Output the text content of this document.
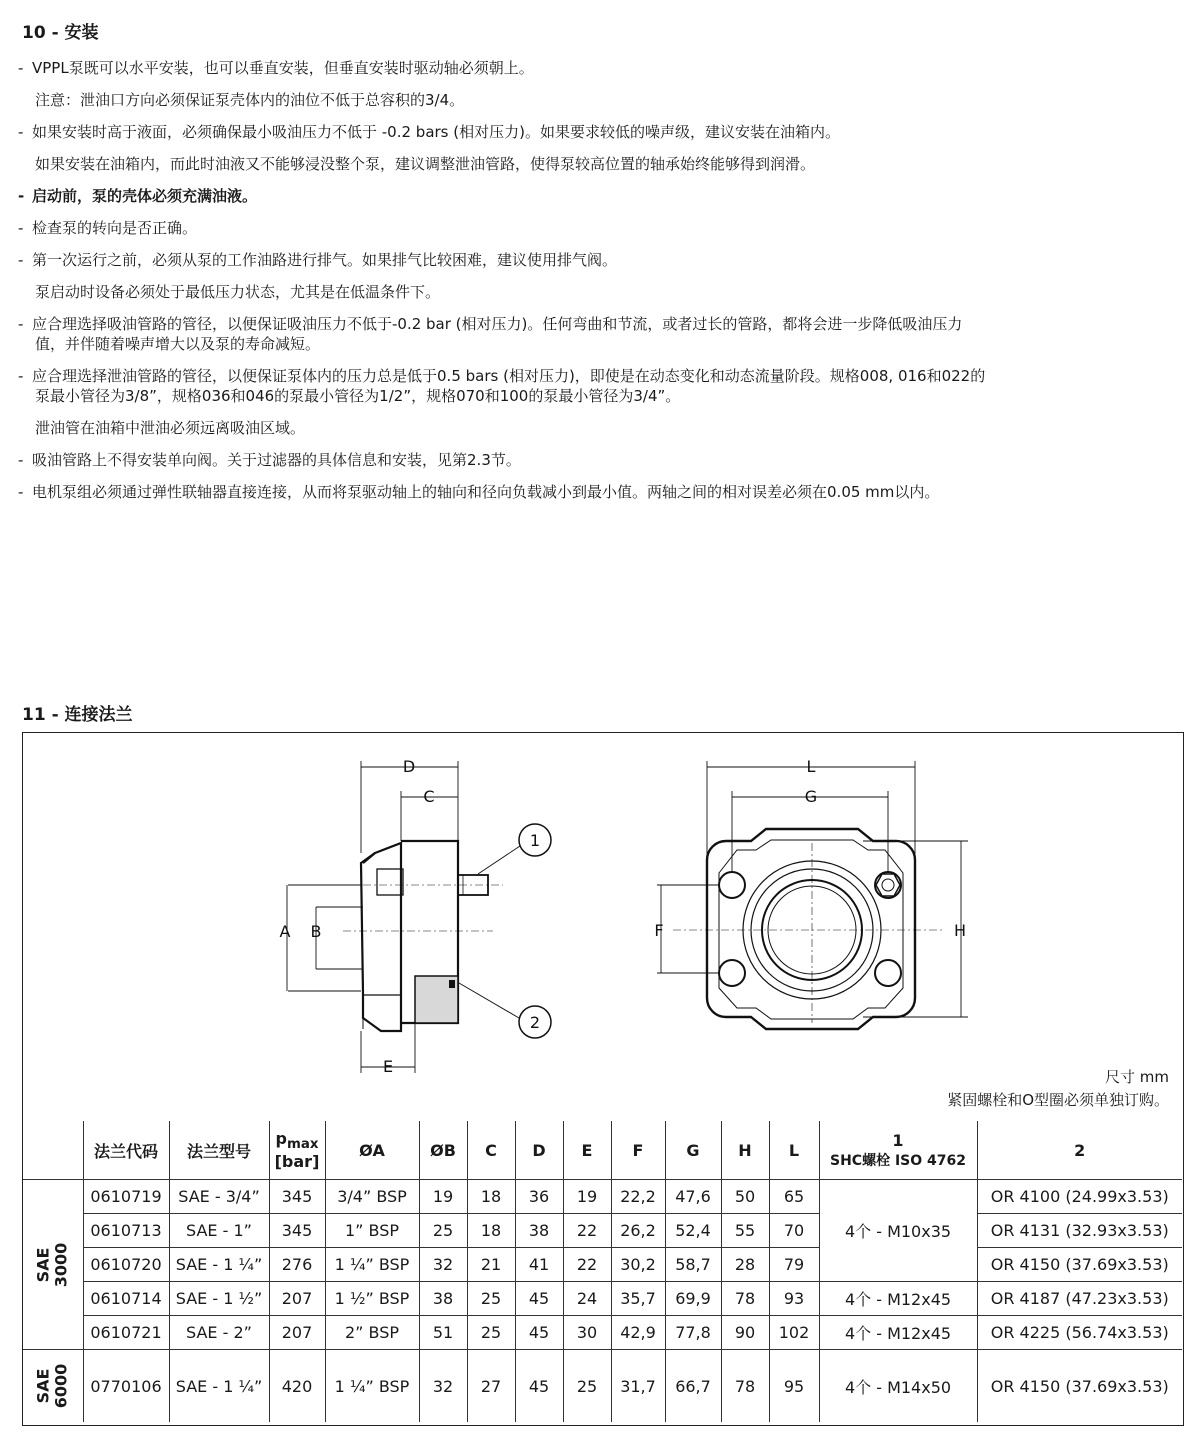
10 - 安装
- VPPL泵既可以水平安装，也可以垂直安装，但垂直安装时驱动轴必须朝上。
注意：泄油口方向必须保证泵壳体内的油位不低于总容积的3/4。
- 如果安装时高于液面，必须确保最小吸油压力不低于 -0.2 bars (相对压力)。如果要求较低的噪声级，建议安装在油箱内。
如果安装在油箱内，而此时油液又不能够浸没整个泵，建议调整泄油管路，使得泵较高位置的轴承始终能够得到润滑。
- 启动前，泵的壳体必须充满油液。
- 检查泵的转向是否正确。
- 第一次运行之前，必须从泵的工作油路进行排气。如果排气比较困难，建议使用排气阀。
泵启动时设备必须处于最低压力状态，尤其是在低温条件下。
- 应合理选择吸油管路的管径，以便保证吸油压力不低于-0.2 bar (相对压力)。任何弯曲和节流，或者过长的管路，都将会进一步降低吸油压力
值，并伴随着噪声增大以及泵的寿命减短。
- 应合理选择泄油管路的管径，以便保证泵体内的压力总是低于0.5 bars (相对压力)，即使是在动态变化和动态流量阶段。规格008, 016和022的
泵最小管径为3/8”，规格036和046的泵最小管径为1/2”，规格070和100的泵最小管径为3/4”。
泄油管在油箱中泄油必须远离吸油区域。
- 吸油管路上不得安装单向阀。关于过滤器的具体信息和安装，见第2.3节。
- 电机泵组必须通过弹性联轴器直接连接，从而将泵驱动轴上的轴向和径向负载减小到最小值。两轴之间的相对误差必须在0.05 mm以内。
11 - 连接法兰
D
C
A B
E
1
2
L
G
F	H
尺寸 mm
紧固螺栓和O型圈必须单独订购。
	法兰代码	法兰型号	$p_{max}$
[bar]	ØA	ØB	C	D	E	F	G	H	L	1
SHC螺栓 ISO 4762	2
SAE
3000	0610719	SAE - 3/4”	345	3/4” BSP	19	18	36	19	22,2	47,6	50	65	4个 - M10x35	OR 4100 (24.99x3.53)
	0610713	SAE - 1”	345	1” BSP	25	18	38	22	26,2	52,4	55	70		OR 4131 (32.93x3.53)
	0610720	SAE - 1 ¼”	276	1 ¼” BSP	32	21	41	22	30,2	58,7	28	79		OR 4150 (37.69x3.53)
	0610714	SAE - 1 ½”	207	1 ½” BSP	38	25	45	24	35,7	69,9	78	93	4个 - M12x45	OR 4187 (47.23x3.53)
	0610721	SAE - 2”	207	2” BSP	51	25	45	30	42,9	77,8	90	102	4个 - M12x45	OR 4225 (56.74x3.53)
SAE
6000	0770106	SAE - 1 ¼”	420	1 ¼” BSP	32	27	45	25	31,7	66,7	78	95	4个 - M14x50	OR 4150 (37.69x3.53)
